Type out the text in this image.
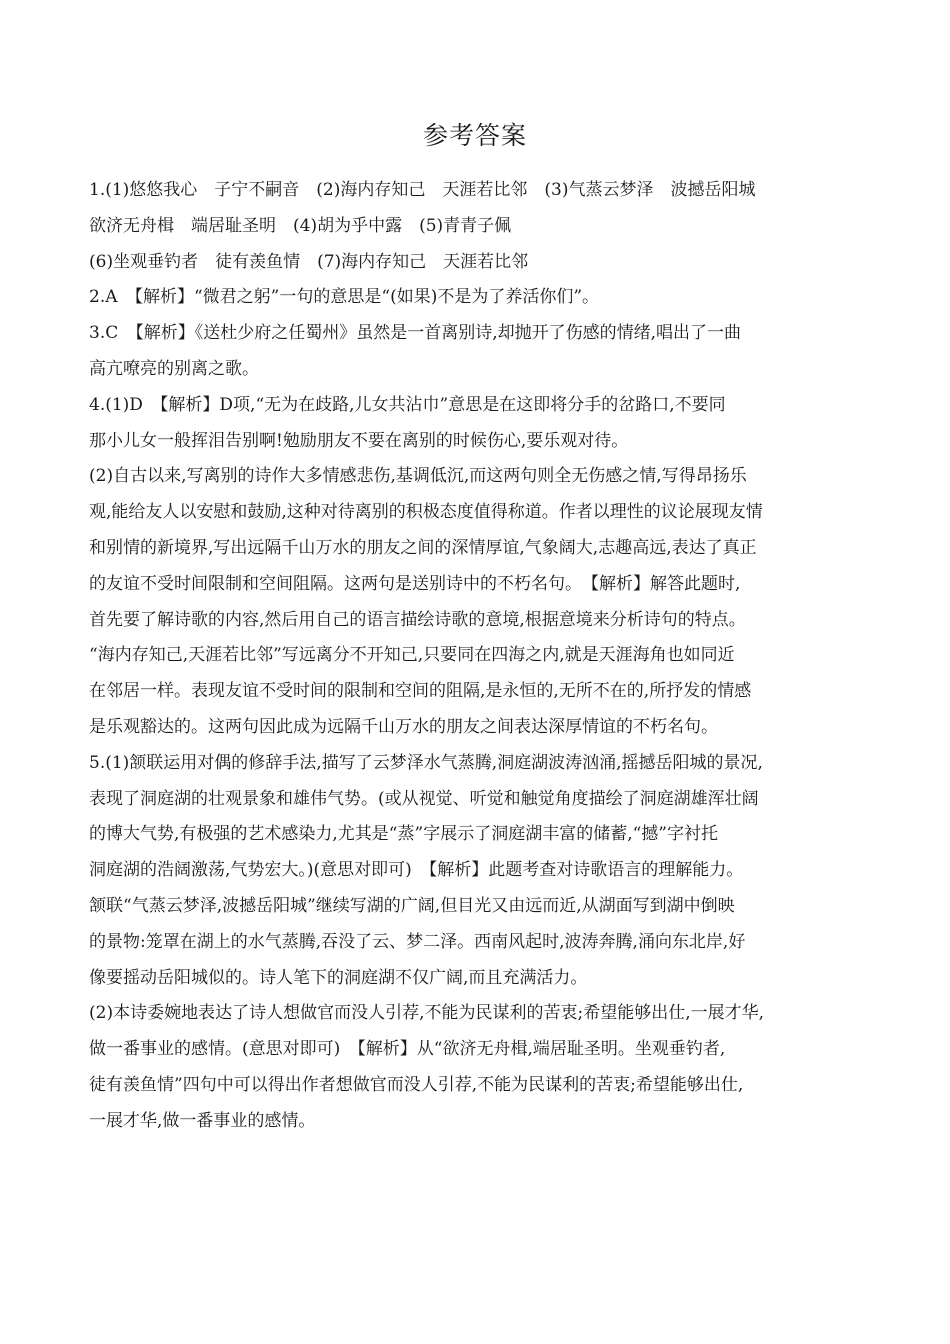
参考答案
1.(1)悠悠我心　子宁不嗣音　(2)海内存知己　天涯若比邻　(3)气蒸云梦泽　波撼岳阳城
欲济无舟楫　端居耻圣明　(4)胡为乎中露　(5)青青子佩
(6)坐观垂钓者　徒有羡鱼情　(7)海内存知己　天涯若比邻
2.A　【解析】“微君之躬”一句的意思是“(如果)不是为了养活你们”。
3.C　【解析】《送杜少府之任蜀州》虽然是一首离别诗,却抛开了伤感的情绪,唱出了一曲
高亢嘹亮的别离之歌。
4.(1)D　【解析】D项,“无为在歧路,儿女共沾巾”意思是在这即将分手的岔路口,不要同
那小儿女一般挥泪告别啊!勉励朋友不要在离别的时候伤心,要乐观对待。
(2)自古以来,写离别的诗作大多情感悲伤,基调低沉,而这两句则全无伤感之情,写得昂扬乐
观,能给友人以安慰和鼓励,这种对待离别的积极态度值得称道。作者以理性的议论展现友情
和别情的新境界,写出远隔千山万水的朋友之间的深情厚谊,气象阔大,志趣高远,表达了真正
的友谊不受时间限制和空间阻隔。这两句是送别诗中的不朽名句。　【解析】解答此题时,
首先要了解诗歌的内容,然后用自己的语言描绘诗歌的意境,根据意境来分析诗句的特点。
“海内存知己,天涯若比邻”写远离分不开知己,只要同在四海之内,就是天涯海角也如同近
在邻居一样。表现友谊不受时间的限制和空间的阻隔,是永恒的,无所不在的,所抒发的情感
是乐观豁达的。这两句因此成为远隔千山万水的朋友之间表达深厚情谊的不朽名句。
5.(1)颔联运用对偶的修辞手法,描写了云梦泽水气蒸腾,洞庭湖波涛汹涌,摇撼岳阳城的景况,
表现了洞庭湖的壮观景象和雄伟气势。(或从视觉、听觉和触觉角度描绘了洞庭湖雄浑壮阔
的博大气势,有极强的艺术感染力,尤其是“蒸”字展示了洞庭湖丰富的储蓄,“撼”字衬托
洞庭湖的浩阔激荡,气势宏大。)(意思对即可)　【解析】此题考查对诗歌语言的理解能力。
颔联“气蒸云梦泽,波撼岳阳城”继续写湖的广阔,但目光又由远而近,从湖面写到湖中倒映
的景物:笼罩在湖上的水气蒸腾,吞没了云、梦二泽。西南风起时,波涛奔腾,涌向东北岸,好
像要摇动岳阳城似的。诗人笔下的洞庭湖不仅广阔,而且充满活力。
(2)本诗委婉地表达了诗人想做官而没人引荐,不能为民谋利的苦衷;希望能够出仕,一展才华,
做一番事业的感情。(意思对即可)　【解析】从“欲济无舟楫,端居耻圣明。坐观垂钓者,
徒有羡鱼情”四句中可以得出作者想做官而没人引荐,不能为民谋利的苦衷;希望能够出仕,
一展才华,做一番事业的感情。
